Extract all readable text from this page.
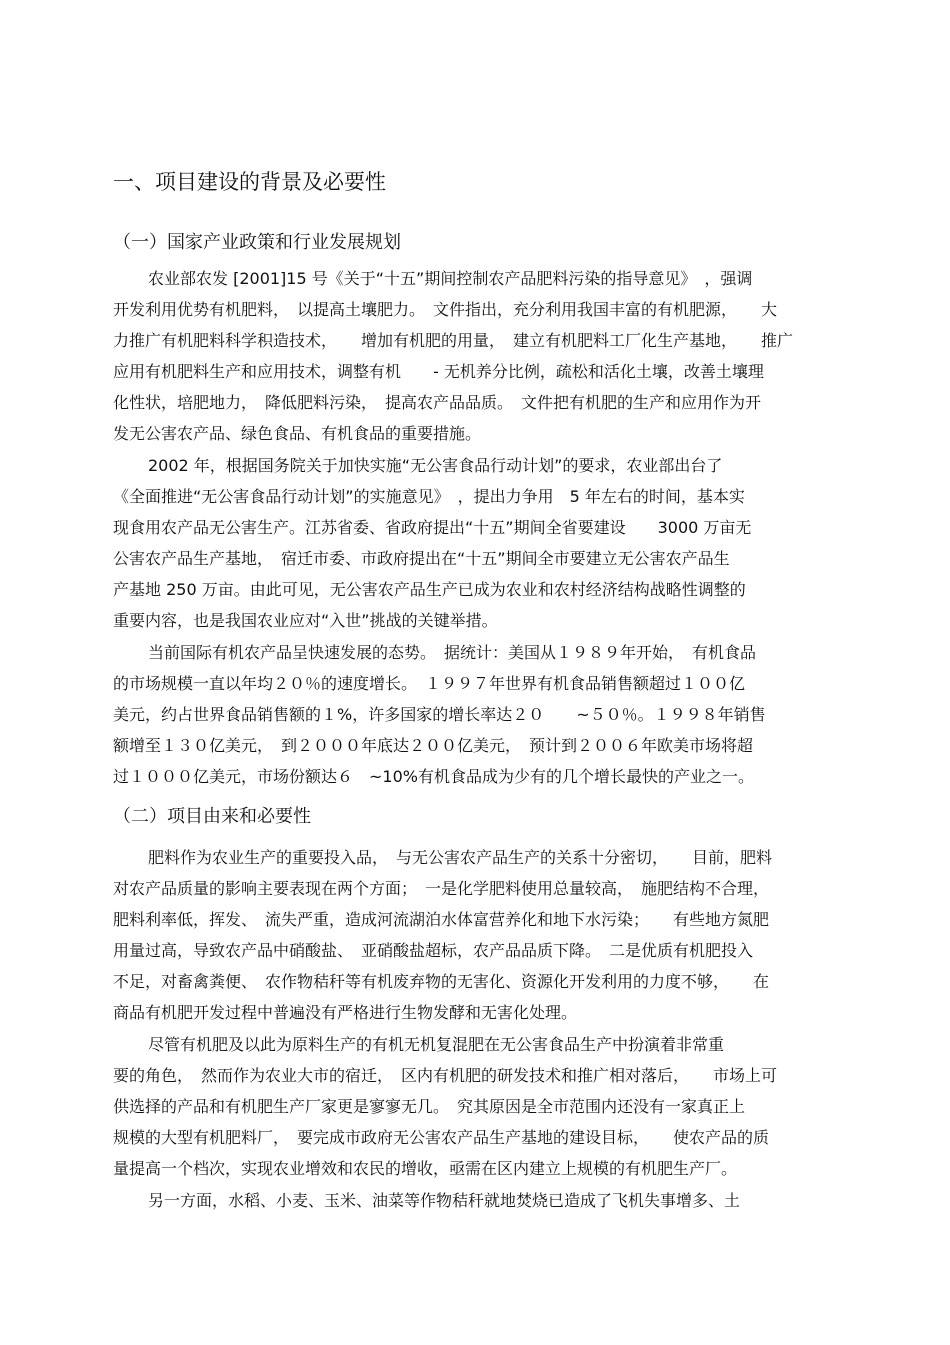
一、项目建设的背景及必要性
（一）国家产业政策和行业发展规划
农业部农发 [2001]15 号《关于“十五”期间控制农产品肥料污染的指导意见》　，强调
开发利用优势有机肥料，　以提高土壤肥力。　文件指出，充分利用我国丰富的有机肥源，　　大
力推广有机肥料科学积造技术，　　增加有机肥的用量，　建立有机肥料工厂化生产基地，　　推广
应用有机肥料生产和应用技术，调整有机　　- 无机养分比例，疏松和活化土壤，改善土壤理
化性状，培肥地力，　降低肥料污染，　提高农产品品质。　文件把有机肥的生产和应用作为开
发无公害农产品、绿色食品、有机食品的重要措施。
2002 年，根据国务院关于加快实施“无公害食品行动计划”的要求，农业部出台了
《全面推进“无公害食品行动计划”的实施意见》　，提出力争用　5 年左右的时间，基本实
现食用农产品无公害生产。江苏省委、省政府提出“十五”期间全省要建设　　3000 万亩无
公害农产品生产基地，　宿迁市委、市政府提出在“十五”期间全市要建立无公害农产品生
产基地 250 万亩。由此可见，无公害农产品生产已成为农业和农村经济结构战略性调整的
重要内容，也是我国农业应对“入世”挑战的关键举措。
当前国际有机农产品呈快速发展的态势。　据统计：美国从１９８９年开始，　有机食品
的市场规模一直以年均２０％的速度增长。　１９９７年世界有机食品销售额超过１００亿
美元，约占世界食品销售额的１%，许多国家的增长率达２０　　~５０％。１９９８年销售
额增至１３０亿美元，　到２０００年底达２００亿美元，　预计到２００６年欧美市场将超
过１０００亿美元，市场份额达６　~10%有机食品成为少有的几个增长最快的产业之一。
（二）项目由来和必要性
肥料作为农业生产的重要投入品，　与无公害农产品生产的关系十分密切，　　目前，肥料
对农产品质量的影响主要表现在两个方面；　一是化学肥料使用总量较高，　施肥结构不合理，
肥料利率低，挥发、　流失严重，造成河流湖泊水体富营养化和地下水污染；　　有些地方氮肥
用量过高，导致农产品中硝酸盐、　亚硝酸盐超标，农产品品质下降。　二是优质有机肥投入
不足，对畜禽粪便、　农作物秸秆等有机废弃物的无害化、资源化开发利用的力度不够，　　在
商品有机肥开发过程中普遍没有严格进行生物发酵和无害化处理。
尽管有机肥及以此为原料生产的有机无机复混肥在无公害食品生产中扮演着非常重
要的角色，　然而作为农业大市的宿迁，　区内有机肥的研发技术和推广相对落后，　　市场上可
供选择的产品和有机肥生产厂家更是寥寥无几。　究其原因是全市范围内还没有一家真正上
规模的大型有机肥料厂，　要完成市政府无公害农产品生产基地的建设目标，　　使农产品的质
量提高一个档次，实现农业增效和农民的增收，亟需在区内建立上规模的有机肥生产厂。
另一方面，水稻、小麦、玉米、油菜等作物秸秆就地焚烧已造成了飞机失事增多、土
